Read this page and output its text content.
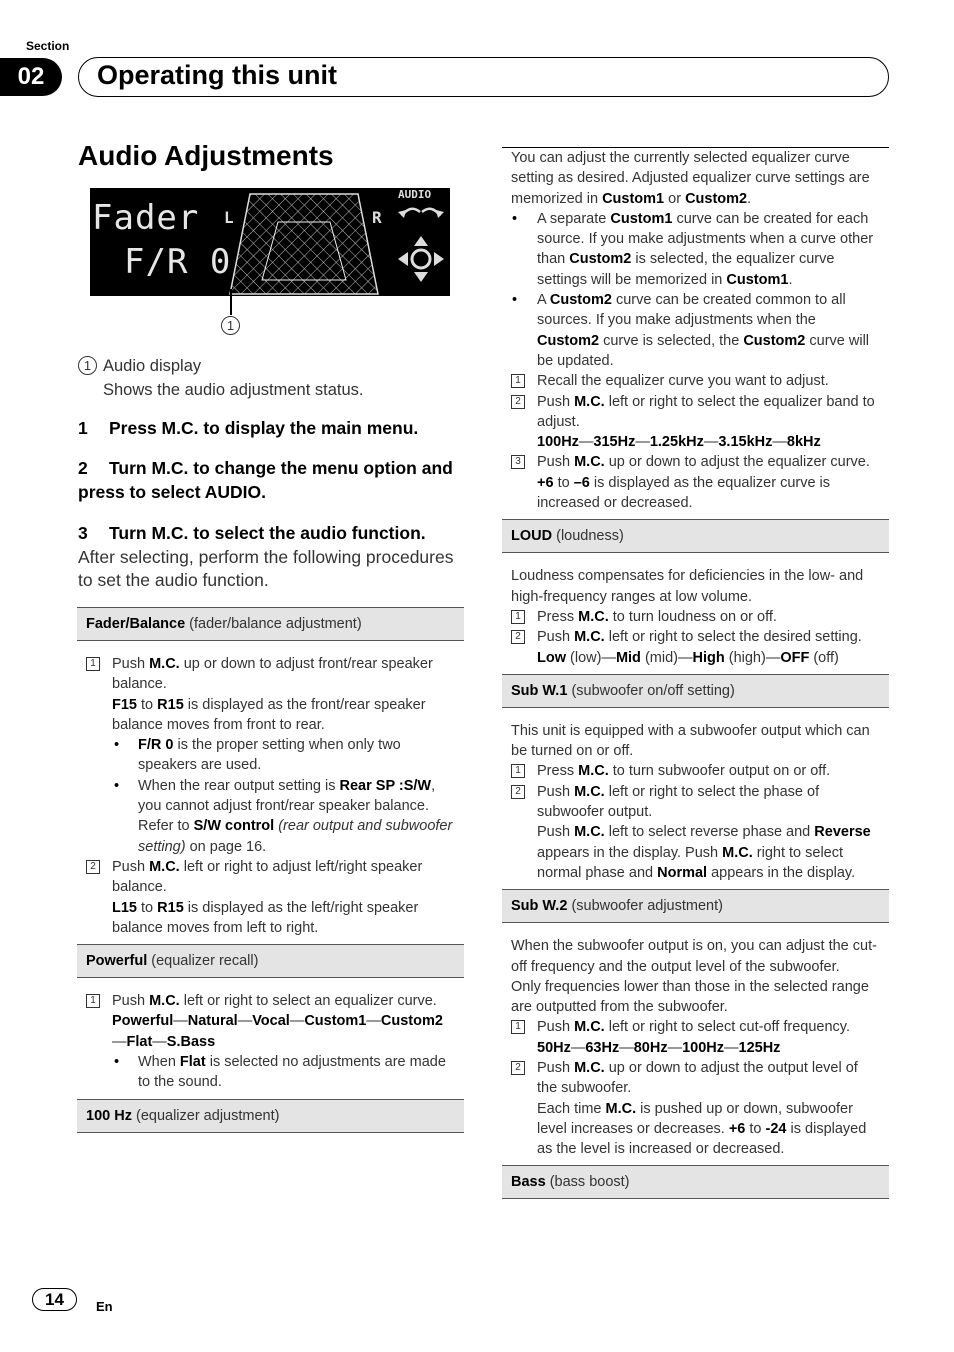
Section
02	Operating this unit
Audio Adjustments
Fader
F/R 0
L	R
AUDIO
1
1 Audio display
Shows the audio adjustment status.
1 Press M.C. to display the main menu.
2 Turn M.C. to change the menu option and press to select AUDIO.
3 Turn M.C. to select the audio function.
After selecting, perform the following procedures to set the audio function.
Fader/Balance (fader/balance adjustment)
1 Push M.C. up or down to adjust front/rear speaker balance.
F15 to R15 is displayed as the front/rear speaker balance moves from front to rear.
• F/R 0 is the proper setting when only two speakers are used.
• When the rear output setting is Rear SP :S/W, you cannot adjust front/rear speaker balance. Refer to S/W control (rear output and subwoofer setting) on page 16.
2 Push M.C. left or right to adjust left/right speaker balance.
L15 to R15 is displayed as the left/right speaker balance moves from left to right.
Powerful (equalizer recall)
1 Push M.C. left or right to select an equalizer curve.
Powerful—Natural—Vocal—Custom1—Custom2—Flat—S.Bass
• When Flat is selected no adjustments are made to the sound.
100 Hz (equalizer adjustment)
You can adjust the currently selected equalizer curve setting as desired. Adjusted equalizer curve settings are memorized in Custom1 or Custom2.
• A separate Custom1 curve can be created for each source. If you make adjustments when a curve other than Custom2 is selected, the equalizer curve settings will be memorized in Custom1.
• A Custom2 curve can be created common to all sources. If you make adjustments when the Custom2 curve is selected, the Custom2 curve will be updated.
1 Recall the equalizer curve you want to adjust.
2 Push M.C. left or right to select the equalizer band to adjust.
100Hz—315Hz—1.25kHz—3.15kHz—8kHz
3 Push M.C. up or down to adjust the equalizer curve.
+6 to –6 is displayed as the equalizer curve is increased or decreased.
LOUD (loudness)
Loudness compensates for deficiencies in the low- and high-frequency ranges at low volume.
1 Press M.C. to turn loudness on or off.
2 Push M.C. left or right to select the desired setting.
Low (low)—Mid (mid)—High (high)—OFF (off)
Sub W.1 (subwoofer on/off setting)
This unit is equipped with a subwoofer output which can be turned on or off.
1 Press M.C. to turn subwoofer output on or off.
2 Push M.C. left or right to select the phase of subwoofer output.
Push M.C. left to select reverse phase and Reverse appears in the display. Push M.C. right to select normal phase and Normal appears in the display.
Sub W.2 (subwoofer adjustment)
When the subwoofer output is on, you can adjust the cut-off frequency and the output level of the subwoofer.
Only frequencies lower than those in the selected range are outputted from the subwoofer.
1 Push M.C. left or right to select cut-off frequency.
50Hz—63Hz—80Hz—100Hz—125Hz
2 Push M.C. up or down to adjust the output level of the subwoofer.
Each time M.C. is pushed up or down, subwoofer level increases or decreases. +6 to -24 is displayed as the level is increased or decreased.
Bass (bass boost)
14	En
